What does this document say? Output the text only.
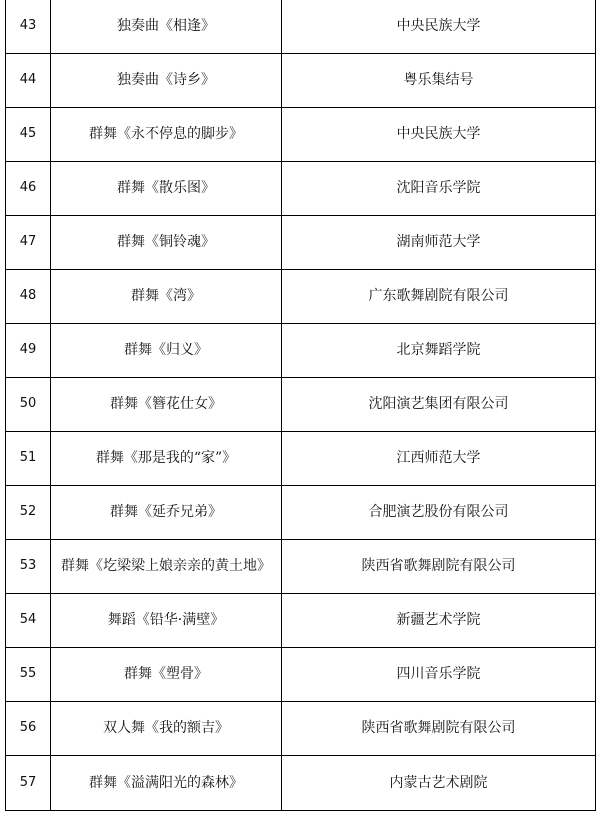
43	独奏曲《相逢》	中央民族大学
44	独奏曲《诗乡》	粤乐集结号
45	群舞《永不停息的脚步》	中央民族大学
46	群舞《散乐图》	沈阳音乐学院
47	群舞《铜铃魂》	湖南师范大学
48	群舞《湾》	广东歌舞剧院有限公司
49	群舞《归义》	北京舞蹈学院
50	群舞《簪花仕女》	沈阳演艺集团有限公司
51	群舞《那是我的“家”》	江西师范大学
52	群舞《延乔兄弟》	合肥演艺股份有限公司
53	群舞《圪梁梁上娘亲亲的黄土地》	陕西省歌舞剧院有限公司
54	舞蹈《铅华·满壁》	新疆艺术学院
55	群舞《塑骨》	四川音乐学院
56	双人舞《我的额吉》	陕西省歌舞剧院有限公司
57	群舞《溢满阳光的森林》	内蒙古艺术剧院
